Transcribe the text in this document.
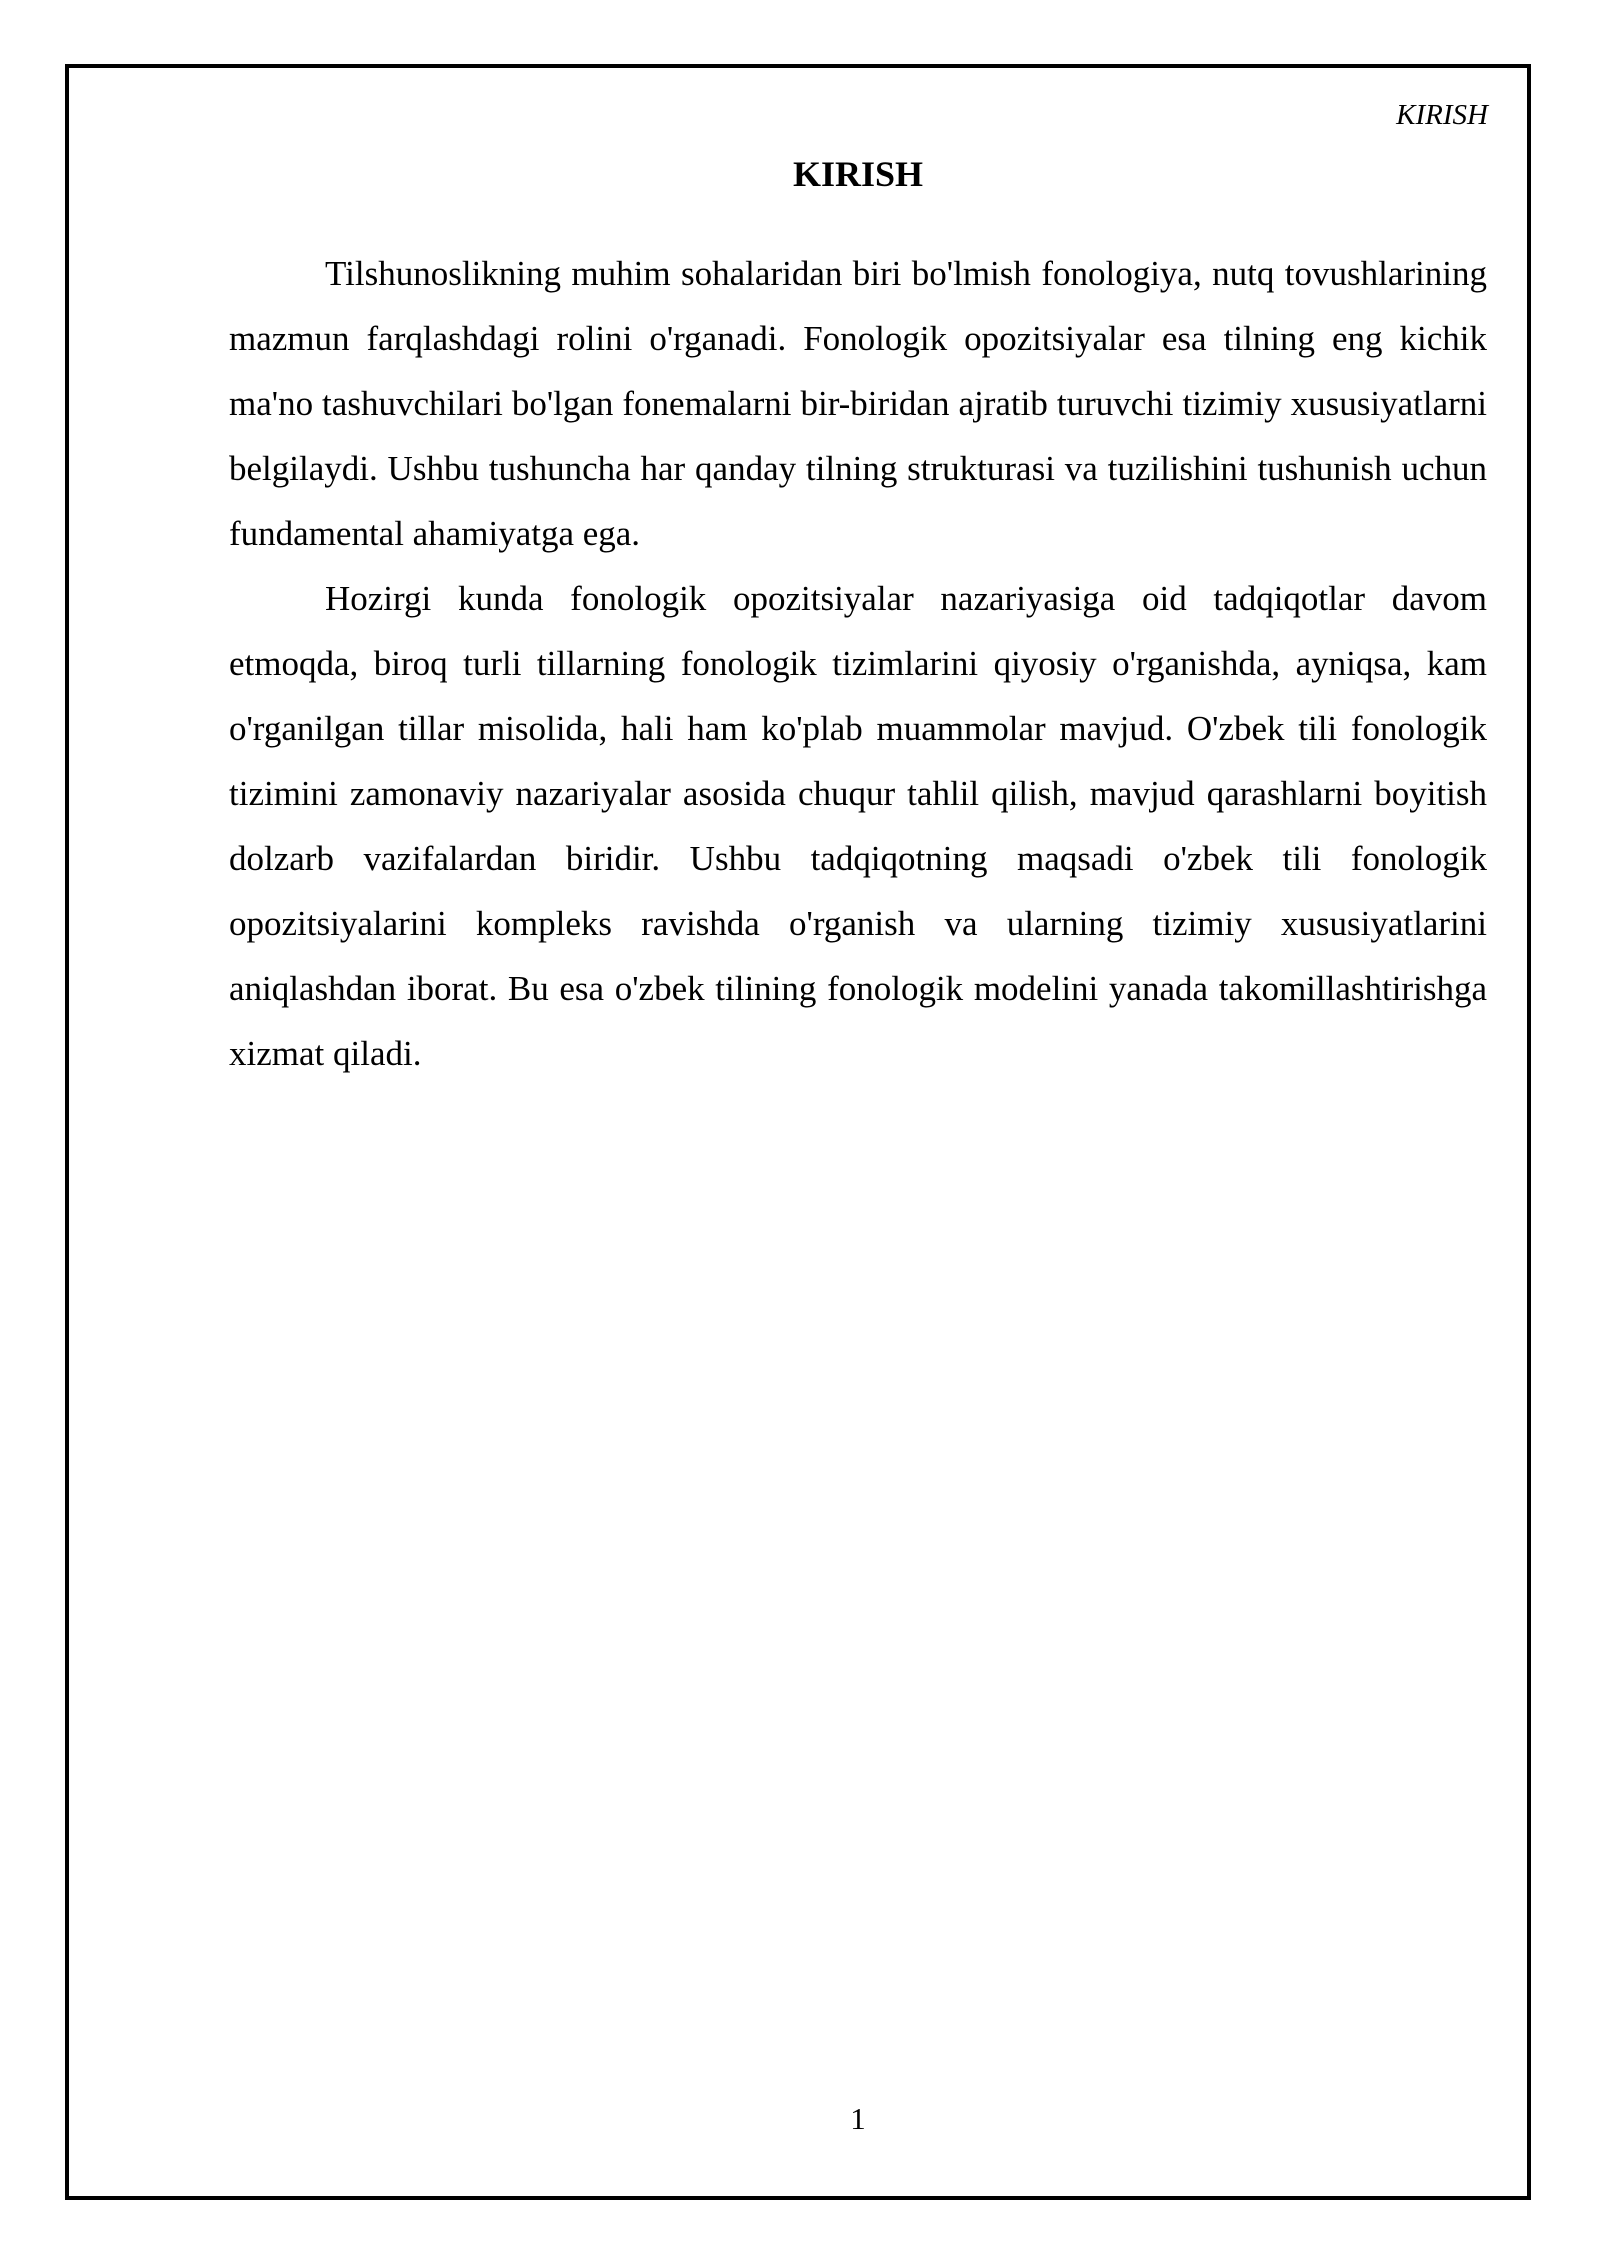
KIRISH
KIRISH

Tilshunoslikning muhim sohalaridan biri bo'lmish fonologiya, nutq tovushlarining mazmun farqlashdagi rolini o'rganadi. Fonologik opozitsiyalar esa tilning eng kichik ma'no tashuvchilari bo'lgan fonemalarni bir-biridan ajratib turuvchi tizimiy xususiyatlarni belgilaydi. Ushbu tushuncha har qanday tilning strukturasi va tuzilishini tushunish uchun fundamental ahamiyatga ega.

Hozirgi kunda fonologik opozitsiyalar nazariyasiga oid tadqiqotlar davom etmoqda, biroq turli tillarning fonologik tizimlarini qiyosiy o'rganishda, ayniqsa, kam o'rganilgan tillar misolida, hali ham ko'plab muammolar mavjud. O'zbek tili fonologik tizimini zamonaviy nazariyalar asosida chuqur tahlil qilish, mavjud qarashlarni boyitish dolzarb vazifalardan biridir. Ushbu tadqiqotning maqsadi o'zbek tili fonologik opozitsiyalarini kompleks ravishda o'rganish va ularning tizimiy xususiyatlarini aniqlashdan iborat. Bu esa o'zbek tilining fonologik modelini yanada takomillashtirishga xizmat qiladi.

1
